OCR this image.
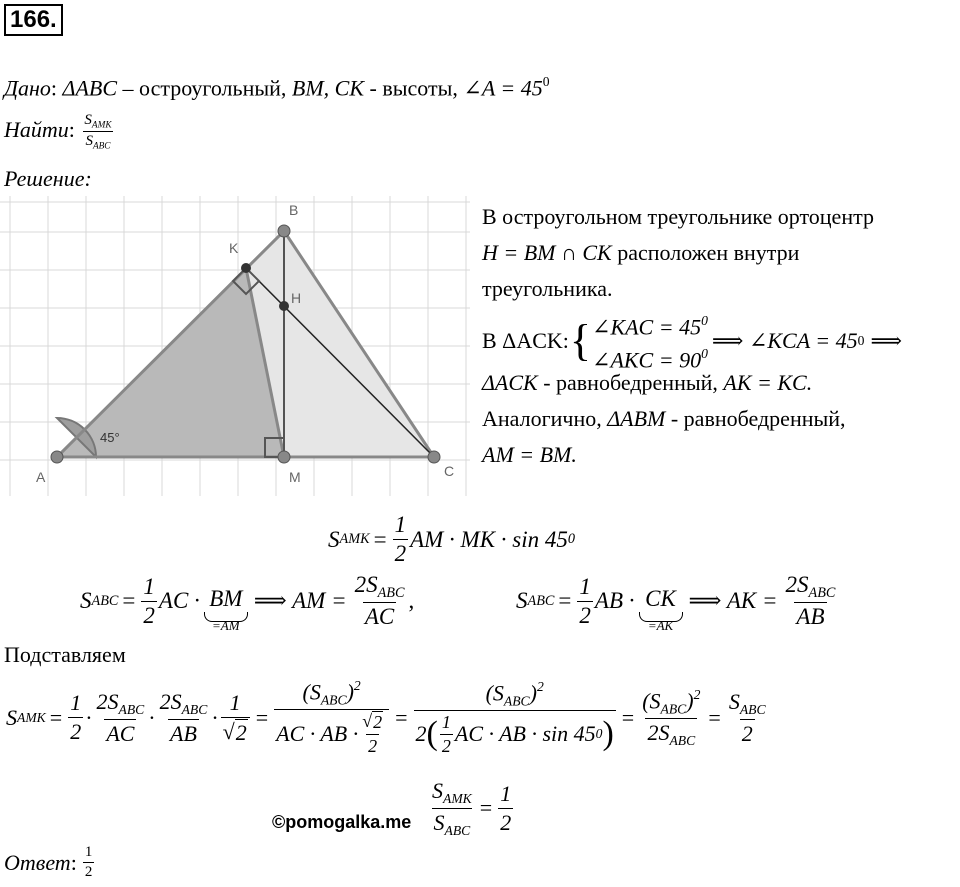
166.
Дано: ΔABC – остроугольный, BM, CK - высоты, ∠A = $45^0$
Найти: $\frac{S_{AMK}}{S_{ABC}}$
Решение:
A
B
C
K
H
M
45°
В остроугольном треугольнике ортоцентр
H = BM ∩ CK расположен внутри
треугольника.
В ΔACK: { ∠KAC = $45^0$
∠AKC = $90^0$
⟹ ∠KCA = 45 0 ⟹
ΔACK - равнобедренный, AK = KC.
Аналогично, ΔABM - равнобедренный,
AM = BM.
S AMK = $\frac{1}{2}$ AM · MK · sin 45 0
S ABC = $\frac{1}{2}$ AC · BM
=AM
⟹ AM = $\frac{2S_{ABC}}{AC}$ ,	S ABC = $\frac{1}{2}$ AB · CK
=AK
⟹ AK = $\frac{2S_{ABC}}{AB}$
Подставляем
S AMK = $\frac{1}{2} \cdot \frac{2S_{ABC}}{AC} \cdot \frac{2S_{ABC}}{AB} \cdot \frac{1}{√ 2} = \frac{(S_{ABC})^2}{AC \cdot AB \cdot \frac{√ 2}{2}} = \frac{(S_{ABC})^2}{2 ( \frac{1}{2} AC \cdot AB \cdot \sin 45 0 )} = \frac{(S_{ABC})^2}{2S_{ABC}} = \frac{S_{ABC}}{2}$
$\frac{S_{AMK}}{S_{ABC}} = \frac{1}{2}$
©pomogalka.me
Ответ : $\frac{1}{2}$
